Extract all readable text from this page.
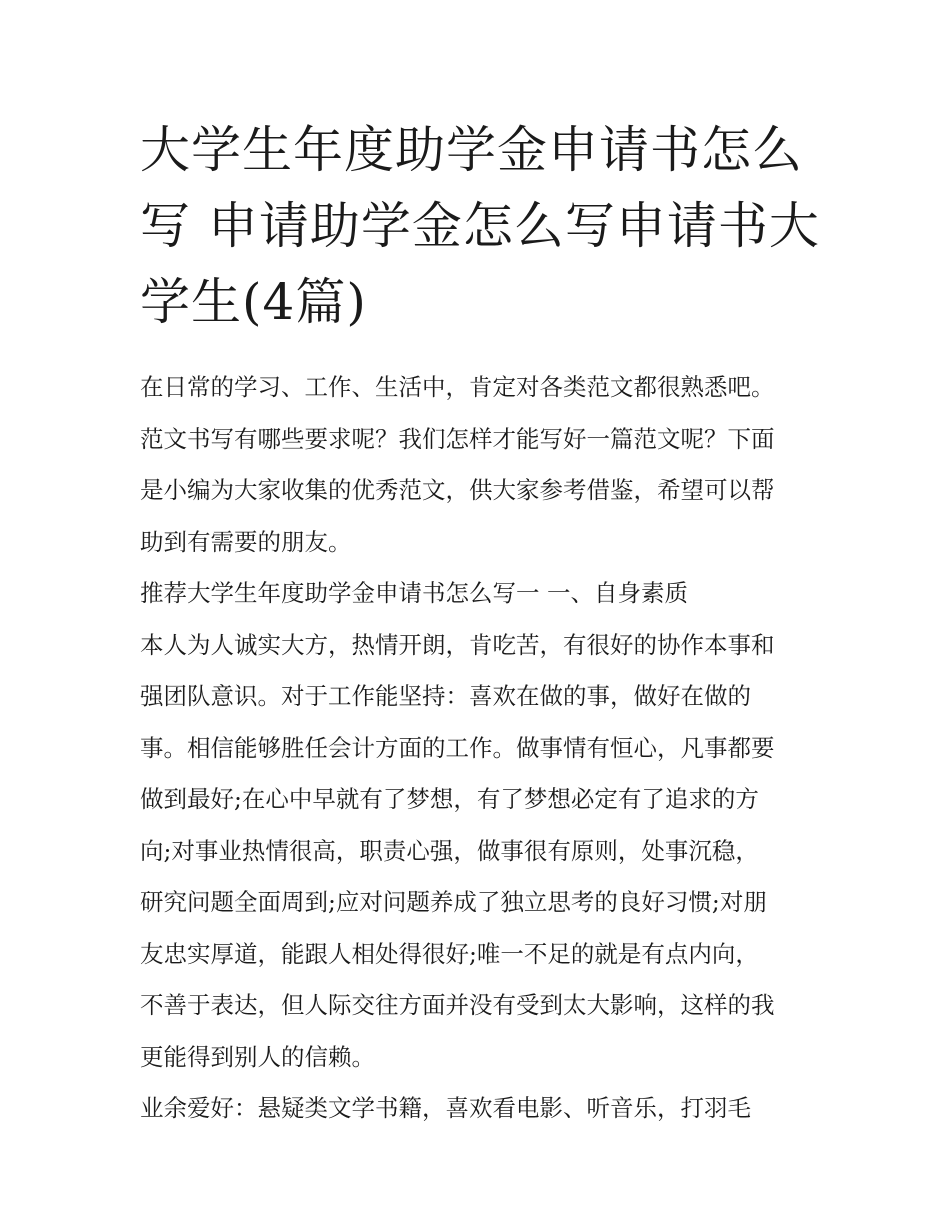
大学生年度助学金申请书怎么
写 申请助学金怎么写申请书大
学生(4篇)
在日常的学习、工作、生活中，肯定对各类范文都很熟悉吧。
范文书写有哪些要求呢？我们怎样才能写好一篇范文呢？下面
是小编为大家收集的优秀范文，供大家参考借鉴，希望可以帮
助到有需要的朋友。
推荐大学生年度助学金申请书怎么写一 一、自身素质
本人为人诚实大方，热情开朗，肯吃苦，有很好的协作本事和
强团队意识。对于工作能坚持：喜欢在做的事，做好在做的
事。相信能够胜任会计方面的工作。做事情有恒心，凡事都要
做到最好;在心中早就有了梦想，有了梦想必定有了追求的方
向;对事业热情很高，职责心强，做事很有原则，处事沉稳，
研究问题全面周到;应对问题养成了独立思考的良好习惯;对朋
友忠实厚道，能跟人相处得很好;唯一不足的就是有点内向，
不善于表达，但人际交往方面并没有受到太大影响，这样的我
更能得到别人的信赖。
业余爱好：悬疑类文学书籍，喜欢看电影、听音乐，打羽毛
